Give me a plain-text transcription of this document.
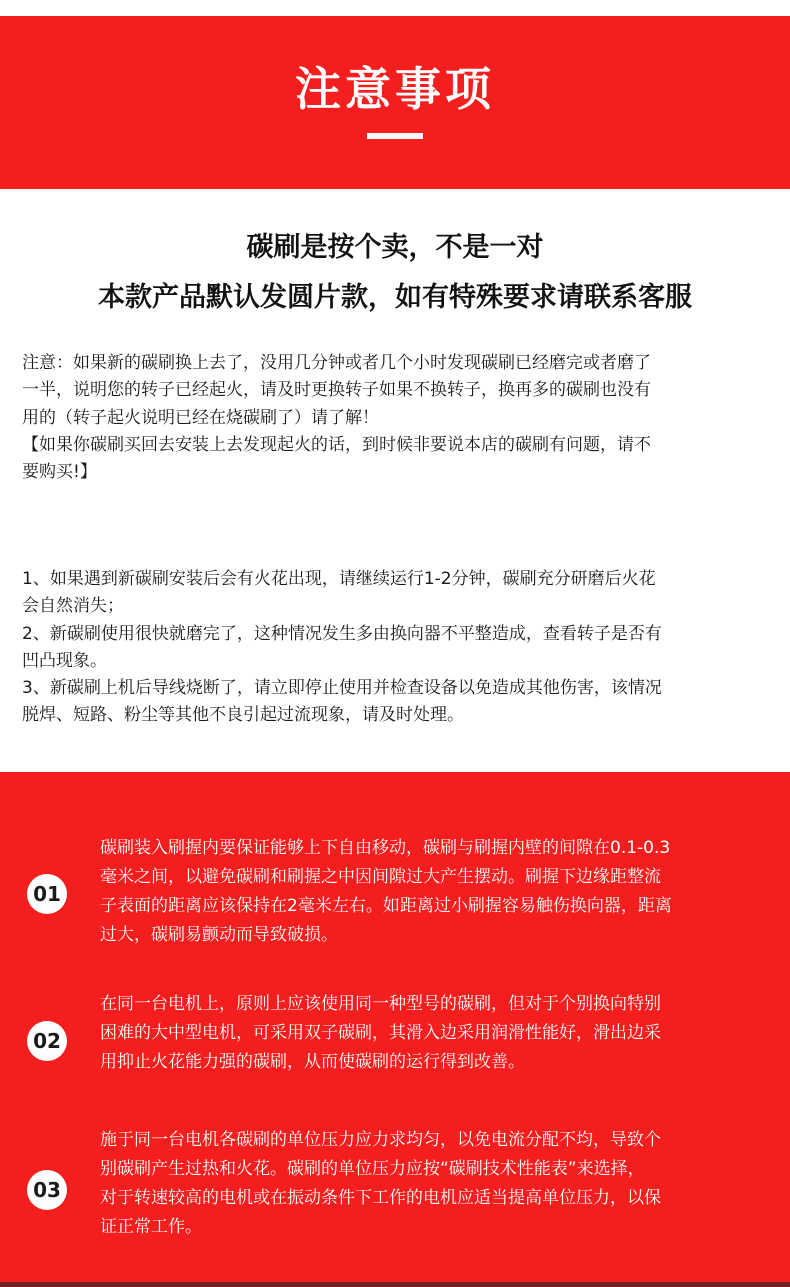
注意事项
碳刷是按个卖，不是一对
本款产品默认发圆片款，如有特殊要求请联系客服
注意：如果新的碳刷换上去了，没用几分钟或者几个小时发现碳刷已经磨完或者磨了
一半，说明您的转子已经起火，请及时更换转子如果不换转子，换再多的碳刷也没有
用的（转子起火说明已经在烧碳刷了）请了解！
【如果你碳刷买回去安装上去发现起火的话，到时候非要说本店的碳刷有问题，请不
要购买!】
1、如果遇到新碳刷安装后会有火花出现，请继续运行1-2分钟，碳刷充分研磨后火花
会自然消失；
2、新碳刷使用很快就磨完了，这种情况发生多由换向器不平整造成，查看转子是否有
凹凸现象。
3、新碳刷上机后导线烧断了，请立即停止使用并检查设备以免造成其他伤害，该情况
脱焊、短路、粉尘等其他不良引起过流现象，请及时处理。
01
碳刷装入刷握内要保证能够上下自由移动，碳刷与刷握内壁的间隙在0.1-0.3
毫米之间，以避免碳刷和刷握之中因间隙过大产生摆动。刷握下边缘距整流
子表面的距离应该保持在2毫米左右。如距离过小刷握容易触伤换向器，距离
过大，碳刷易颤动而导致破损。
02
在同一台电机上，原则上应该使用同一种型号的碳刷，但对于个别换向特别
困难的大中型电机，可采用双子碳刷，其滑入边采用润滑性能好，滑出边采
用抑止火花能力强的碳刷，从而使碳刷的运行得到改善。
03
施于同一台电机各碳刷的单位压力应力求均匀，以免电流分配不均，导致个
别碳刷产生过热和火花。碳刷的单位压力应按“碳刷技术性能表”来选择，
对于转速较高的电机或在振动条件下工作的电机应适当提高单位压力，以保
证正常工作。
